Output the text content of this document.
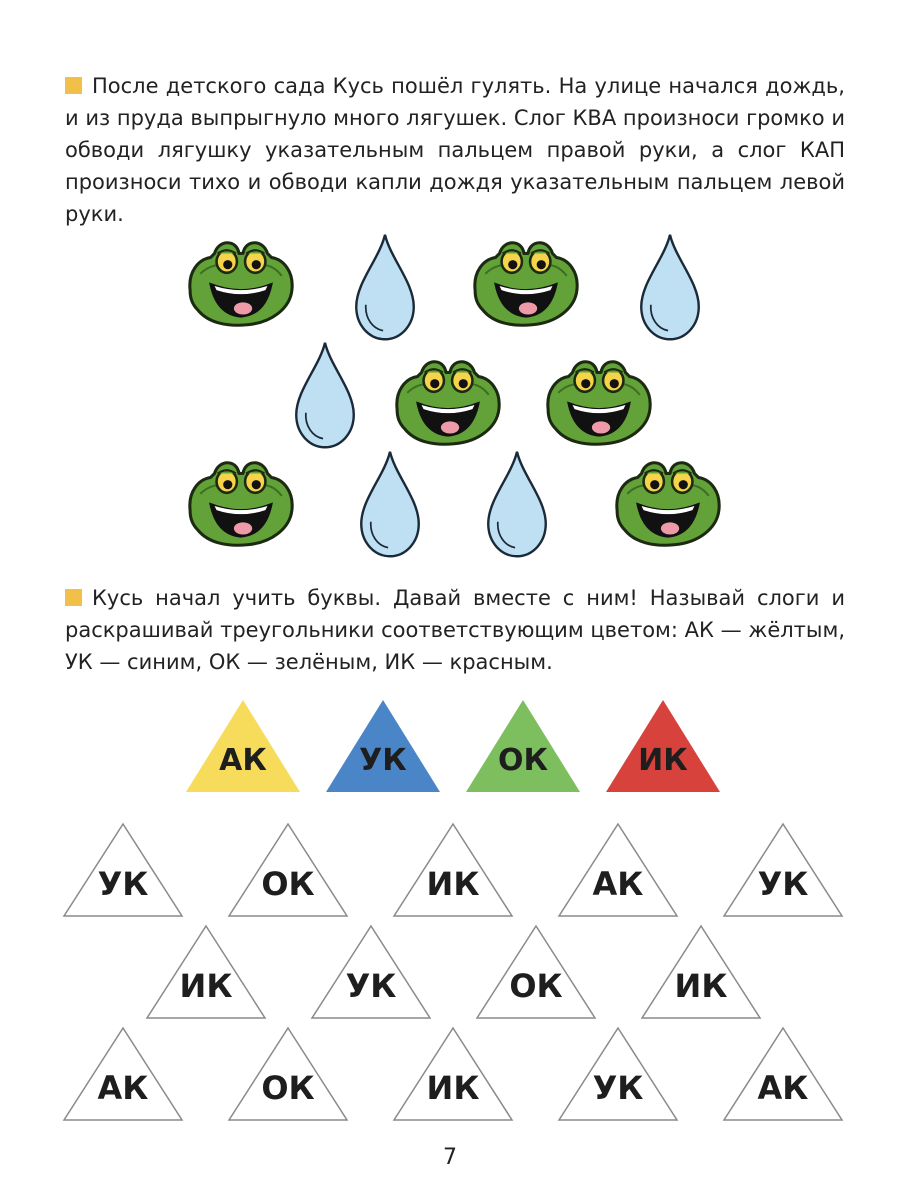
После детского сада Кусь пошёл гулять. На улице начался дождь, и из пруда выпрыгнуло много лягушек. Слог КВА произноси громко и обводи лягушку указательным пальцем правой руки, а слог КАП произноси тихо и обводи капли дождя указательным пальцем левой руки.

Кусь начал учить буквы. Давай вместе с ним! Называй слоги и раскрашивай треугольники соответствующим цветом: АК — жёлтым, УК — синим, ОК — зелёным, ИК — красным.

АК	УК	ОК	ИК
УК	ОК	ИК	АК	УК
ИК	УК	ОК	ИК
АК	ОК	ИК	УК	АК

7
